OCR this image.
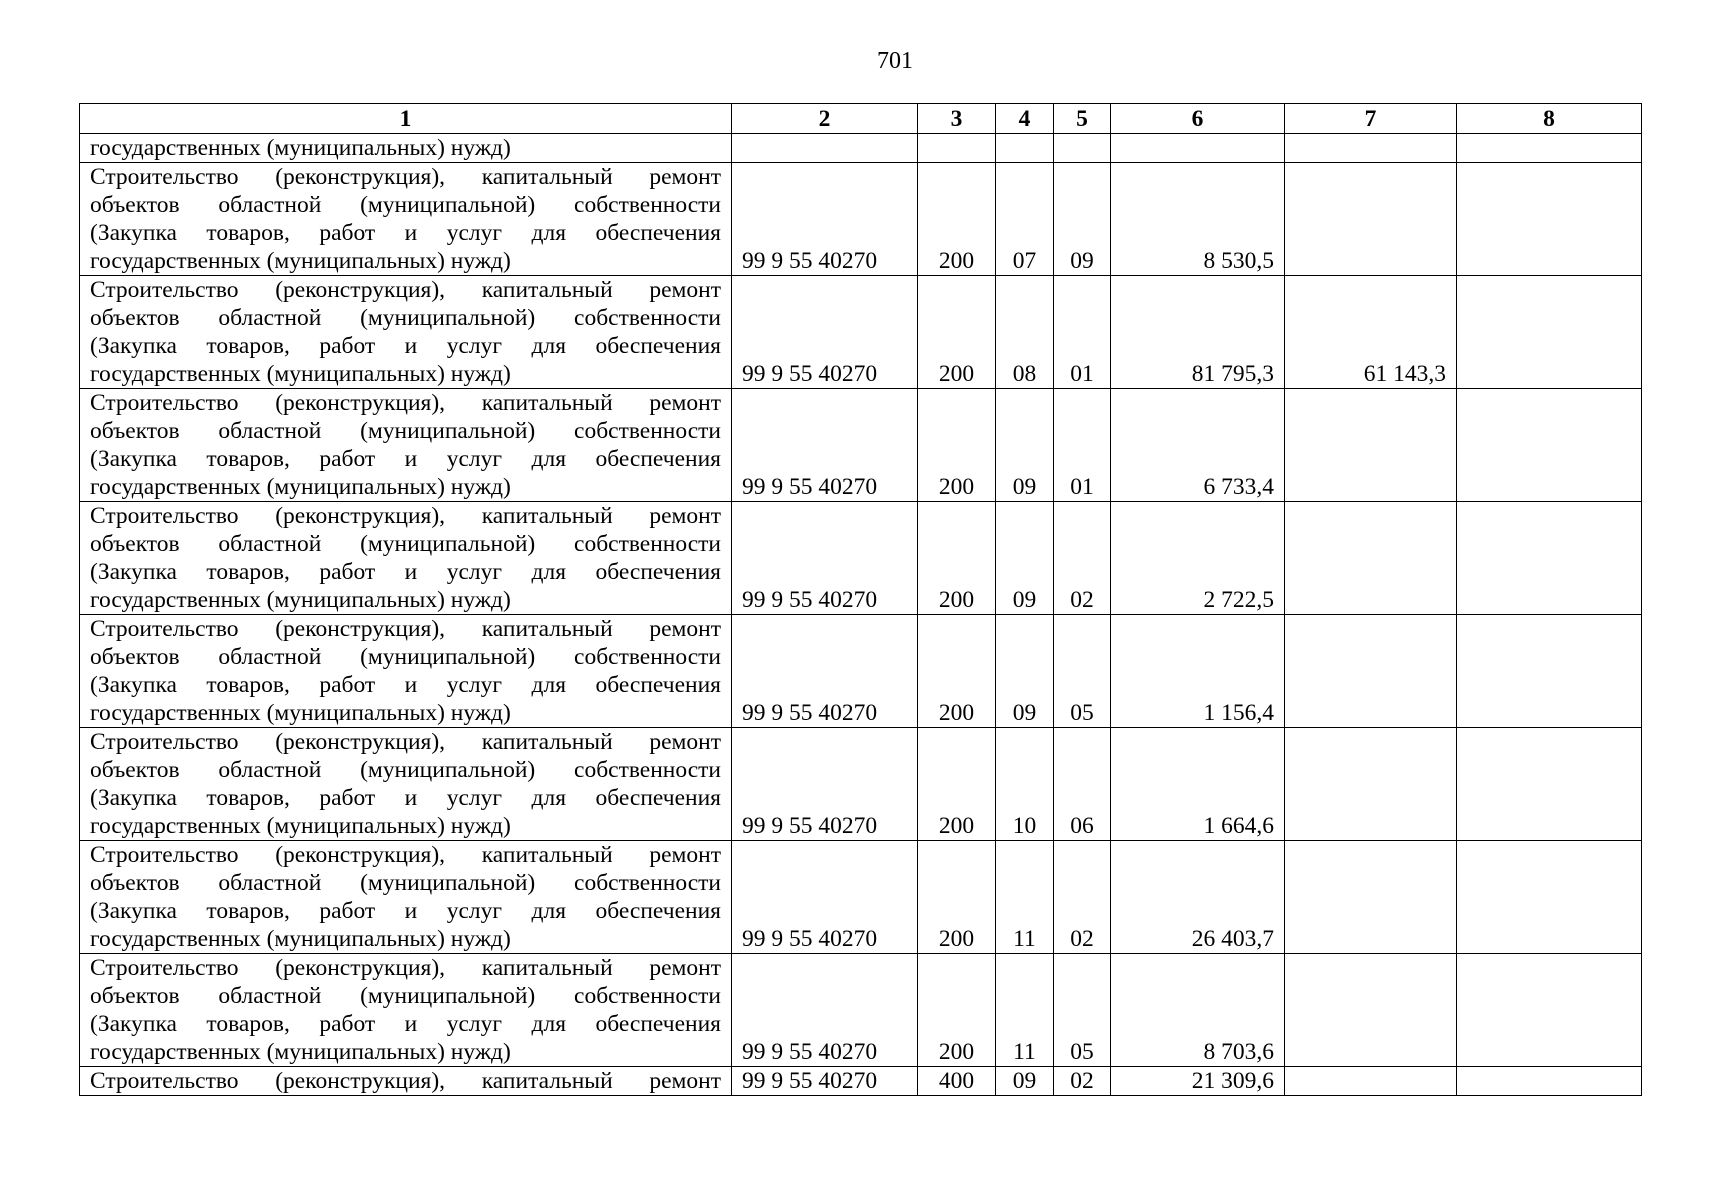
701
1	2	3	4	5	6	7	8

государственных (муниципальных) нужд)							

Строительство (реконструкция), капитальный ремонт
объектов областной (муниципальной) собственности
(Закупка товаров, работ и услуг для обеспечения
государственных (муниципальных) нужд)	99 9 55 40270	200	07	09	8 530,5		

Строительство (реконструкция), капитальный ремонт
объектов областной (муниципальной) собственности
(Закупка товаров, работ и услуг для обеспечения
государственных (муниципальных) нужд)	99 9 55 40270	200	08	01	81 795,3	61 143,3	

Строительство (реконструкция), капитальный ремонт
объектов областной (муниципальной) собственности
(Закупка товаров, работ и услуг для обеспечения
государственных (муниципальных) нужд)	99 9 55 40270	200	09	01	6 733,4		

Строительство (реконструкция), капитальный ремонт
объектов областной (муниципальной) собственности
(Закупка товаров, работ и услуг для обеспечения
государственных (муниципальных) нужд)	99 9 55 40270	200	09	02	2 722,5		

Строительство (реконструкция), капитальный ремонт
объектов областной (муниципальной) собственности
(Закупка товаров, работ и услуг для обеспечения
государственных (муниципальных) нужд)	99 9 55 40270	200	09	05	1 156,4		

Строительство (реконструкция), капитальный ремонт
объектов областной (муниципальной) собственности
(Закупка товаров, работ и услуг для обеспечения
государственных (муниципальных) нужд)	99 9 55 40270	200	10	06	1 664,6		

Строительство (реконструкция), капитальный ремонт
объектов областной (муниципальной) собственности
(Закупка товаров, работ и услуг для обеспечения
государственных (муниципальных) нужд)	99 9 55 40270	200	11	02	26 403,7		

Строительство (реконструкция), капитальный ремонт
объектов областной (муниципальной) собственности
(Закупка товаров, работ и услуг для обеспечения
государственных (муниципальных) нужд)	99 9 55 40270	200	11	05	8 703,6		

Строительство (реконструкция), капитальный ремонт	99 9 55 40270	400	09	02	21 309,6		
